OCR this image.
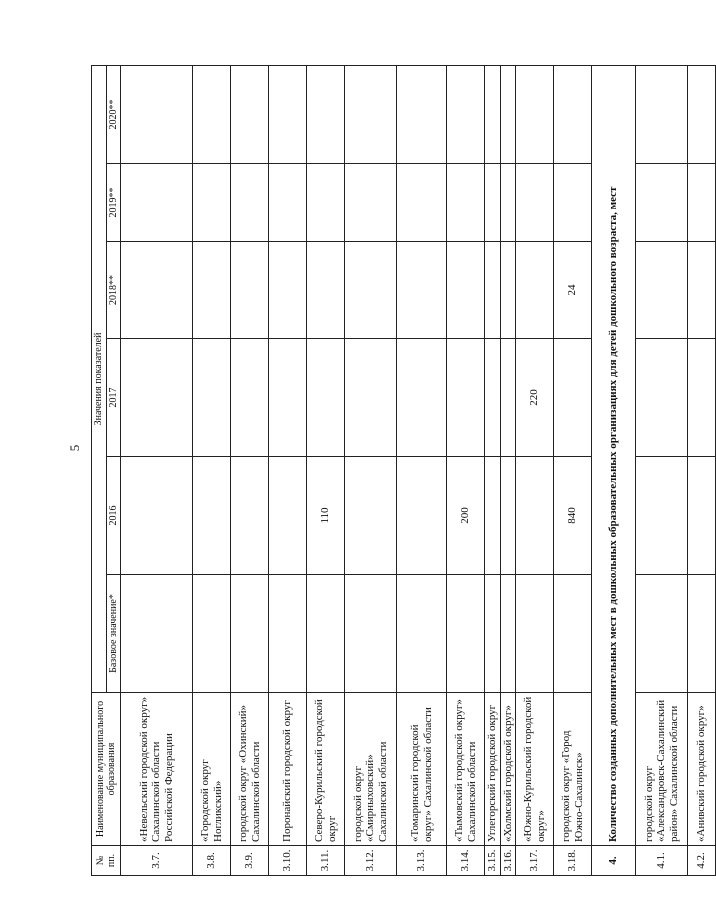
5
№ пп.	Наименование муниципального образования	Значения показателей					
		Базовое значение*	2016	2017	2018**	2019**	2020**
3.7.	«Невельский городской округ» Сахалинской области Российской Федерации						
3.8.	«Городской округ Ногликский»						
3.9.	городской округ «Охинский» Сахалинской области						
3.10.	Поронайский городской округ						
3.11.	Северо-Курильский городской округ		110				
3.12.	городской округ «Смирныховский» Сахалинской области						
3.13.	«Томаринский городской округ» Сахалинской области						
3.14.	«Тымовский городской округ» Сахалинской области		200				
3.15.	Углегорский городской округ						
3.16.	«Холмский городской округ»						
3.17.	«Южно-Курильский городской округ»			220			
3.18.	городской округ «Город Южно-Сахалинск»		840		24		
4.	Количество созданных дополнительных мест в дошкольных образовательных организациях для детей дошкольного возраста, мест						
4.1.	городской округ «Александровск-Сахалинский район» Сахалинской области						
4.2.	«Анивский городской округ»						
